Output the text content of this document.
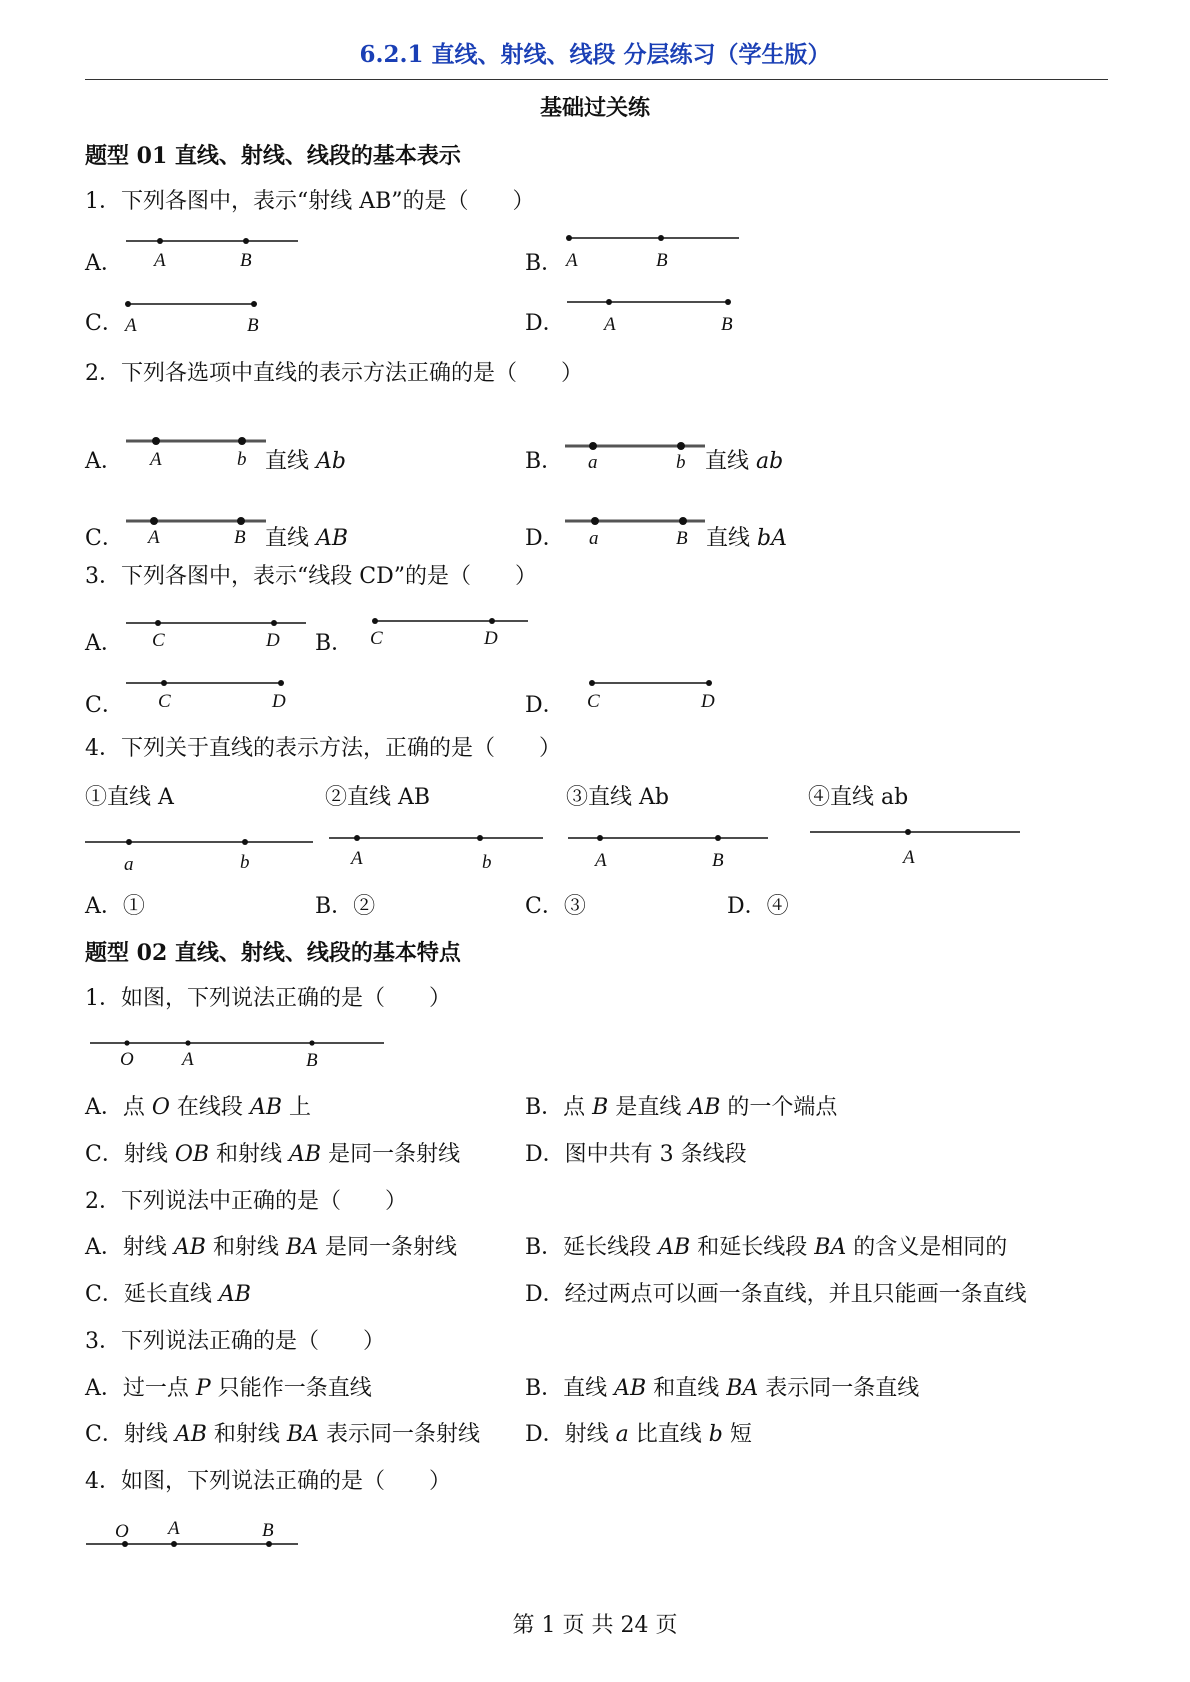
6.2.1 直线、射线、线段 分层练习（学生版）
基础过关练
题型 01 直线、射线、线段的基本表示
1．下列各图中，表示“射线 AB”的是（　　）
A． A	B	B． A	B
C． A	B	D． A	B
2．下列各选项中直线的表示方法正确的是（　　）
A． A	b 直线 Ab	B． a	b 直线 ab
C． A	B 直线 AB	D． a	B 直线 bA
3．下列各图中，表示“线段 CD”的是（　　）
A． C	D B． C	D
C． C	D	D． C	D
4．下列关于直线的表示方法，正确的是（　　）
①直线 A	②直线 AB	③直线 Ab	④直线 ab
a	b	A	b	A	B	A
A．①	B．②	C．③	D．④
题型 02 直线、射线、线段的基本特点
1．如图，下列说法正确的是（　　）
O	A	B
A．点 O 在线段 AB 上	B．点 B 是直线 AB 的一个端点
C．射线 OB 和射线 AB 是同一条射线	D．图中共有 3 条线段
2．下列说法中正确的是（　　）
A．射线 AB 和射线 BA 是同一条射线	B．延长线段 AB 和延长线段 BA 的含义是相同的
C．延长直线 AB	D．经过两点可以画一条直线，并且只能画一条直线
3．下列说法正确的是（　　）
A．过一点 P 只能作一条直线	B．直线 AB 和直线 BA 表示同一条直线
C．射线 AB 和射线 BA 表示同一条射线 D．射线 a 比直线 b 短
4．如图，下列说法正确的是（　　）
O A	B
第 1 页 共 24 页
